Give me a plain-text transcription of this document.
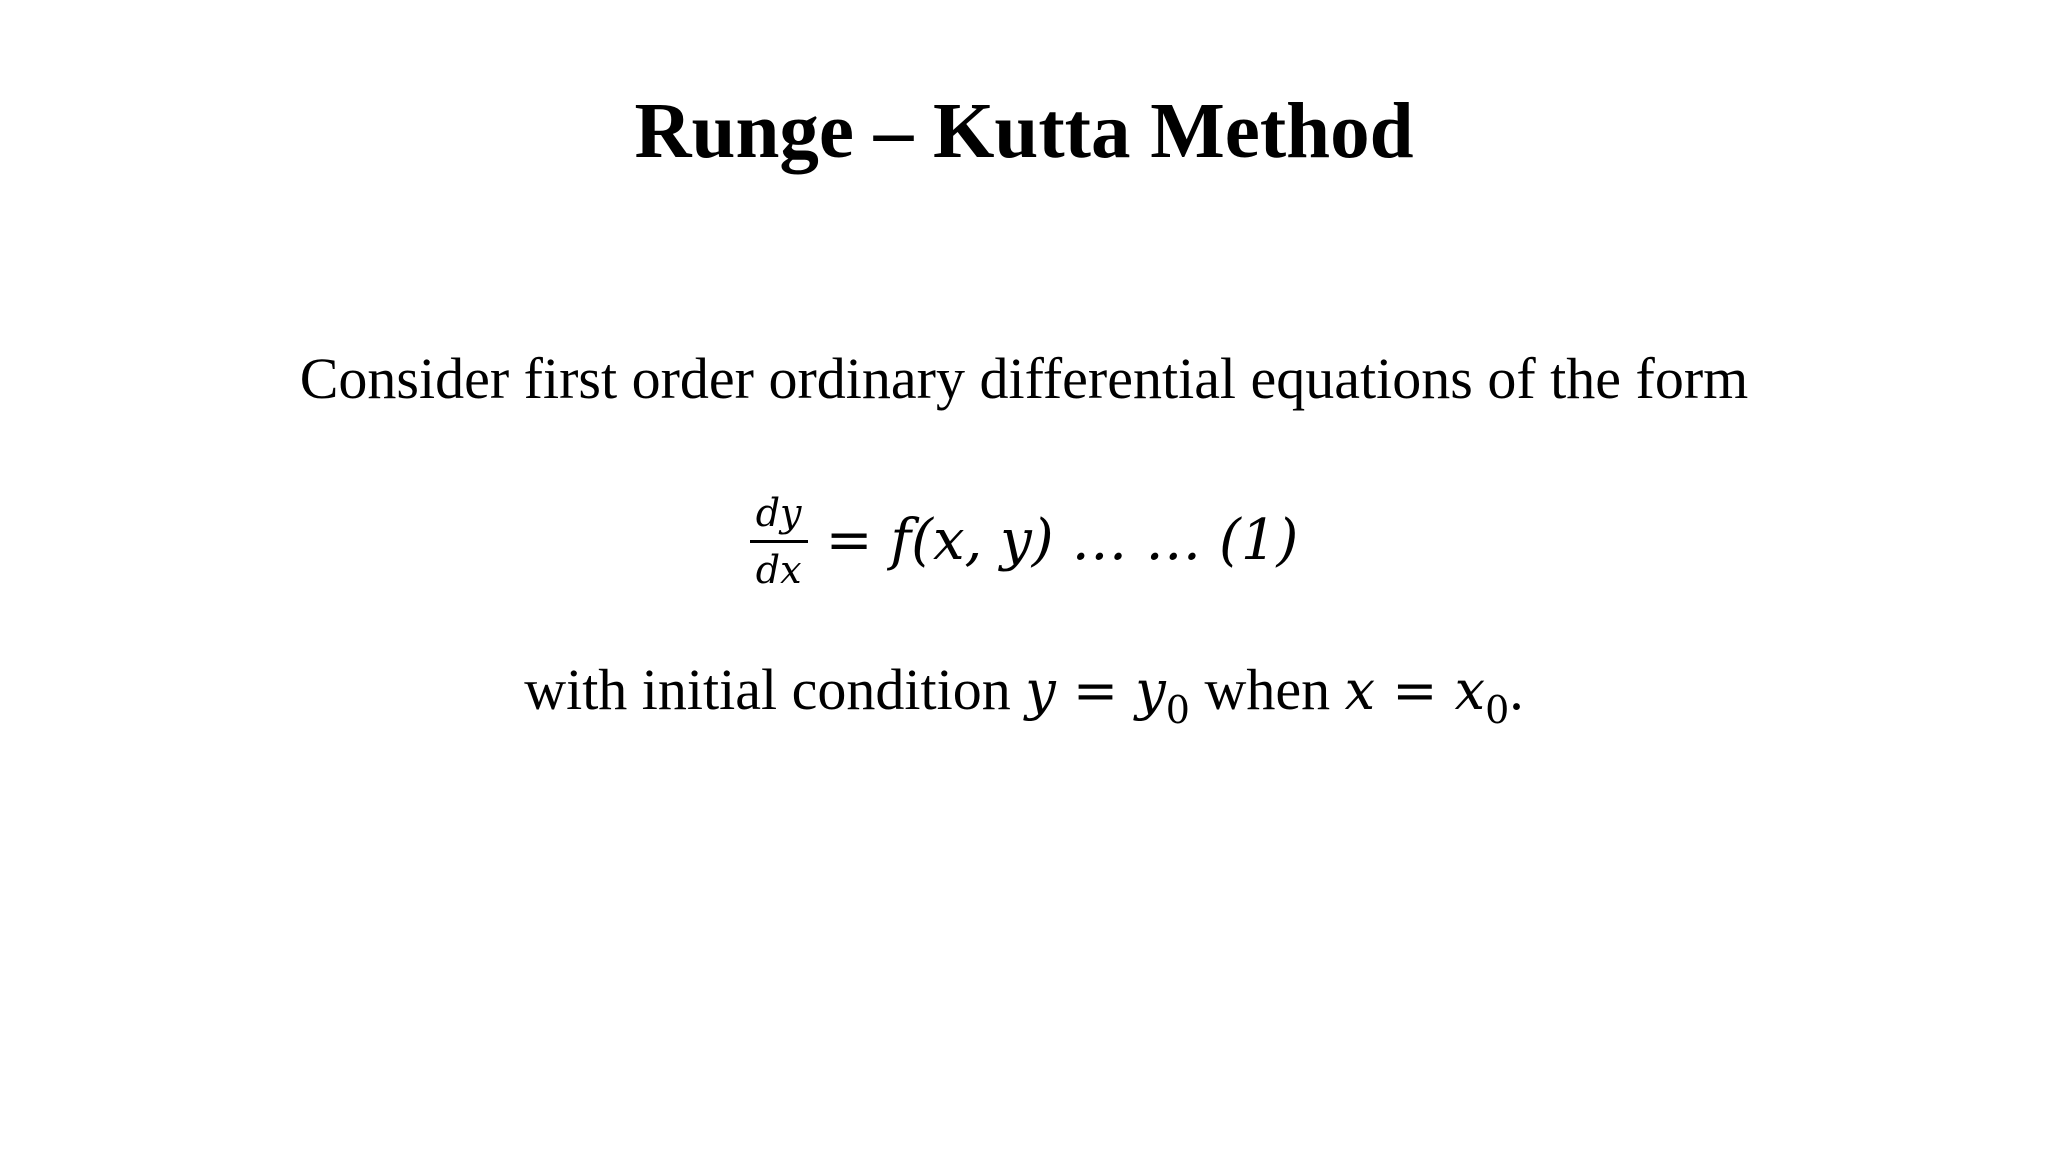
Runge – Kutta Method

Consider first order ordinary differential equations of the form

$\frac{dy}{dx} = f(x$, y) … … (1)

with initial condition $y = y_0$ when $x = x_0$.
